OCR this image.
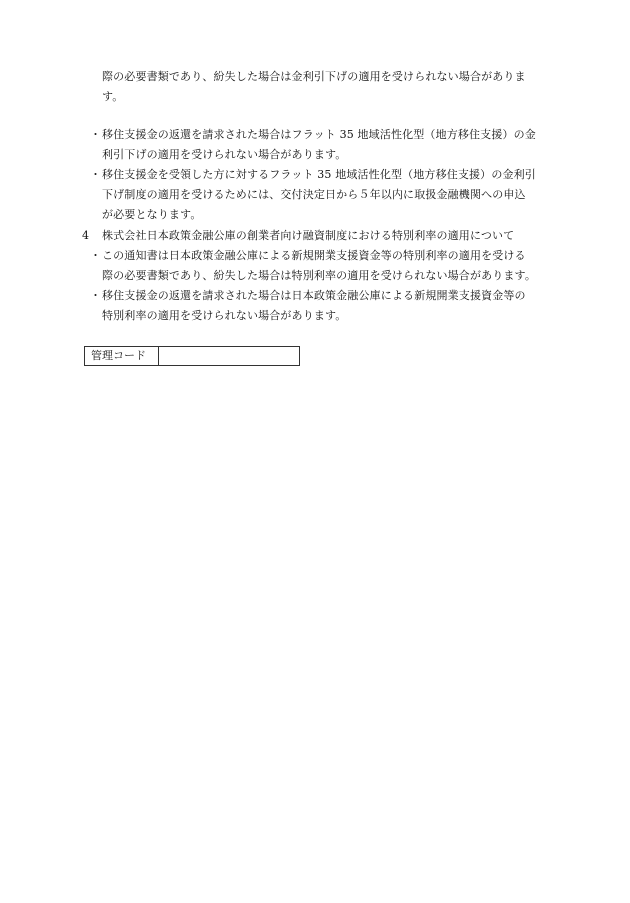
際の必要書類であり、紛失した場合は金利引下げの適用を受けられない場合がありま
す。
・ 移住支援金の返還を請求された場合はフラット 35 地域活性化型（地方移住支援）の金
利引下げの適用を受けられない場合があります。
・ 移住支援金を受領した方に対するフラット 35 地域活性化型（地方移住支援）の金利引
下げ制度の適用を受けるためには、交付決定日から５年以内に取扱金融機関への申込
が必要となります。
4 株式会社日本政策金融公庫の創業者向け融資制度における特別利率の適用について
・ この通知書は日本政策金融公庫による新規開業支援資金等の特別利率の適用を受ける
際の必要書類であり、紛失した場合は特別利率の適用を受けられない場合があります。
・ 移住支援金の返還を請求された場合は日本政策金融公庫による新規開業支援資金等の
特別利率の適用を受けられない場合があります。
管理コード
